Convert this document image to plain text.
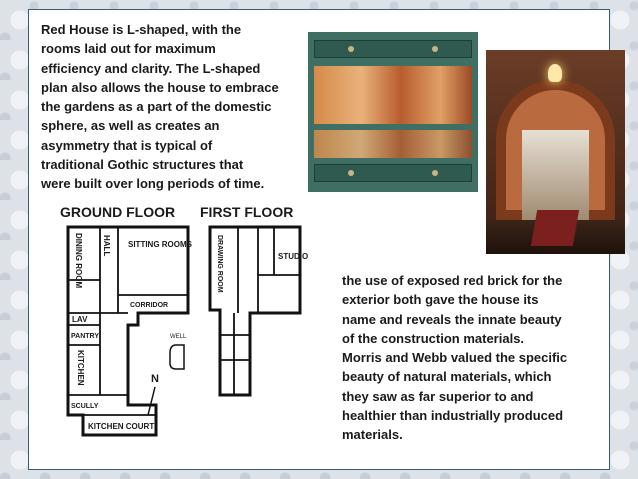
Red House is L-shaped, with the
rooms laid out for maximum
efficiency and clarity. The L-shaped
plan also allows the house to embrace
the gardens as a part of the domestic
sphere, as well as creates an
asymmetry that is typical of
traditional Gothic structures that
were built over long periods of time.

GROUND FLOOR FIRST FLOOR
DINING ROOM HALL SITTING ROOMS
CORRIDOR
LAV
PANTRY
KITCHEN
SCULLY
KITCHEN COURT
WELL
N
DRAWING ROOM	STUDIO

the use of exposed red brick for the
exterior both gave the house its
name and reveals the innate beauty
of the construction materials.
Morris and Webb valued the specific
beauty of natural materials, which
they saw as far superior to and
healthier than industrially produced
materials.
